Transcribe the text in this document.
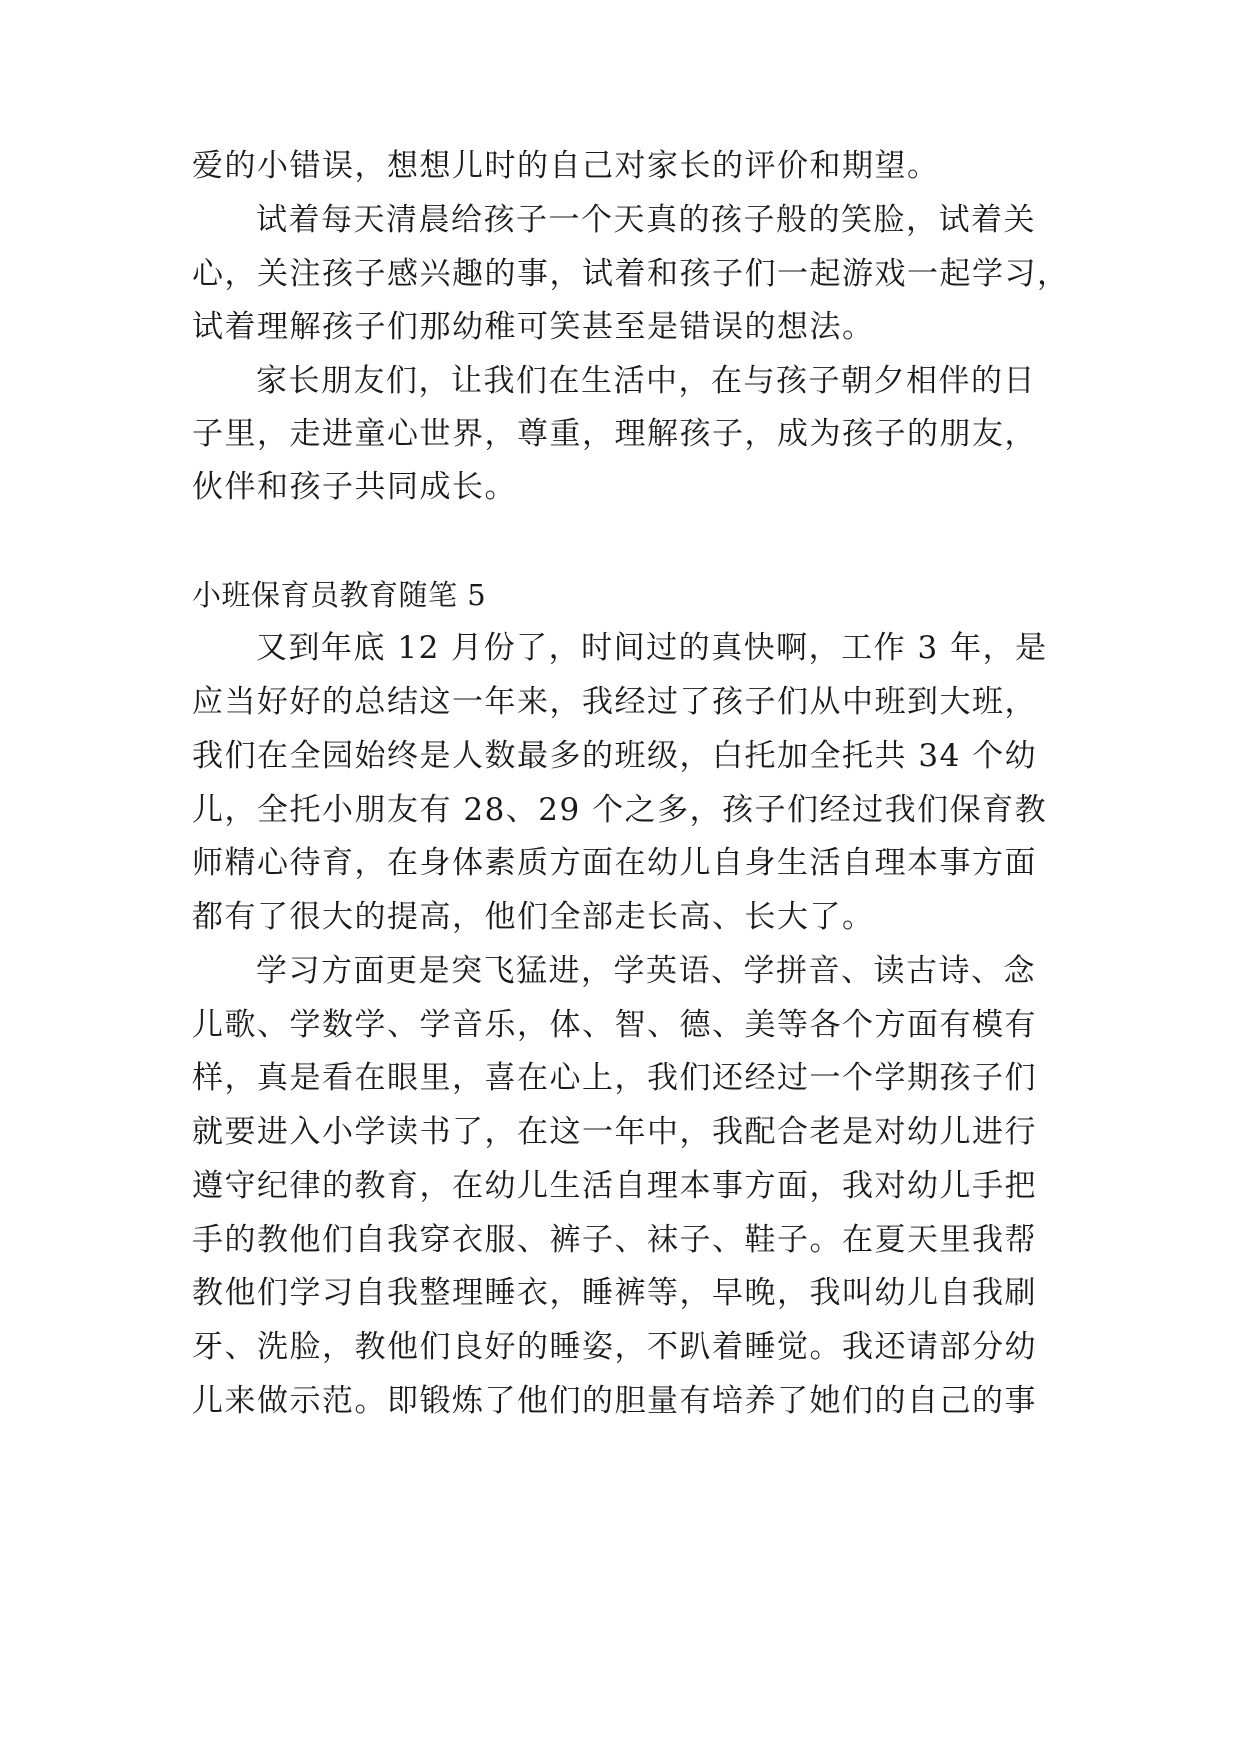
爱的小错误，想想儿时的自己对家长的评价和期望。
试着每天清晨给孩子一个天真的孩子般的笑脸，试着关
心，关注孩子感兴趣的事，试着和孩子们一起游戏一起学习，
试着理解孩子们那幼稚可笑甚至是错误的想法。
家长朋友们，让我们在生活中，在与孩子朝夕相伴的日
子里，走进童心世界，尊重，理解孩子，成为孩子的朋友，
伙伴和孩子共同成长。
小班保育员教育随笔 5
又到年底 12 月份了，时间过的真快啊，工作 3 年，是
应当好好的总结这一年来，我经过了孩子们从中班到大班，
我们在全园始终是人数最多的班级，白托加全托共 34 个幼
儿，全托小朋友有 28、29 个之多，孩子们经过我们保育教
师精心待育，在身体素质方面在幼儿自身生活自理本事方面
都有了很大的提高，他们全部走长高、长大了。
学习方面更是突飞猛进，学英语、学拼音、读古诗、念
儿歌、学数学、学音乐，体、智、德、美等各个方面有模有
样，真是看在眼里，喜在心上，我们还经过一个学期孩子们
就要进入小学读书了，在这一年中，我配合老是对幼儿进行
遵守纪律的教育，在幼儿生活自理本事方面，我对幼儿手把
手的教他们自我穿衣服、裤子、袜子、鞋子。在夏天里我帮
教他们学习自我整理睡衣，睡裤等，早晚，我叫幼儿自我刷
牙、洗脸，教他们良好的睡姿，不趴着睡觉。我还请部分幼
儿来做示范。即锻炼了他们的胆量有培养了她们的自己的事
